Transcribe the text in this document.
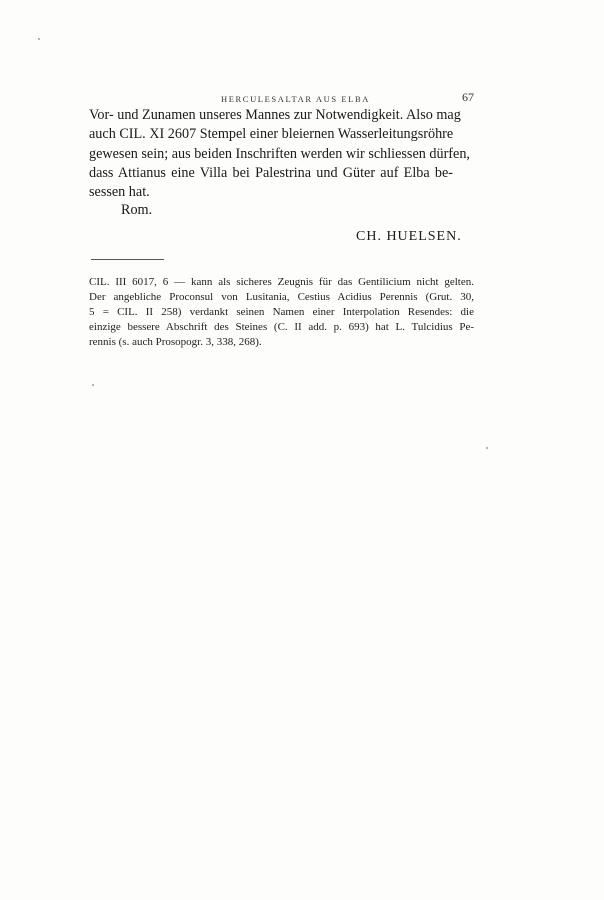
HERCULESALTAR AUS ELBA	67
Vor- und Zunamen unseres Mannes zur Notwendigkeit. Also mag
auch CIL. XI 2607 Stempel einer bleiernen Wasserleitungsröhre
gewesen sein; aus beiden Inschriften werden wir schliessen dürfen,
dass Attianus eine Villa bei Palestrina und Güter auf Elba be-
sessen hat.
Rom.
CH. HUELSEN.
CIL. III 6017, 6 — kann als sicheres Zeugnis für das Gentilicium nicht gelten.
Der angebliche Proconsul von Lusitania, Cestius Acidius Perennis (Grut. 30,
5 = CIL. II 258) verdankt seinen Namen einer Interpolation Resendes: die
einzige bessere Abschrift des Steines (C. II add. p. 693) hat L. Tulcidius Pe-
rennis (s. auch Prosopogr. 3, 338, 268).
